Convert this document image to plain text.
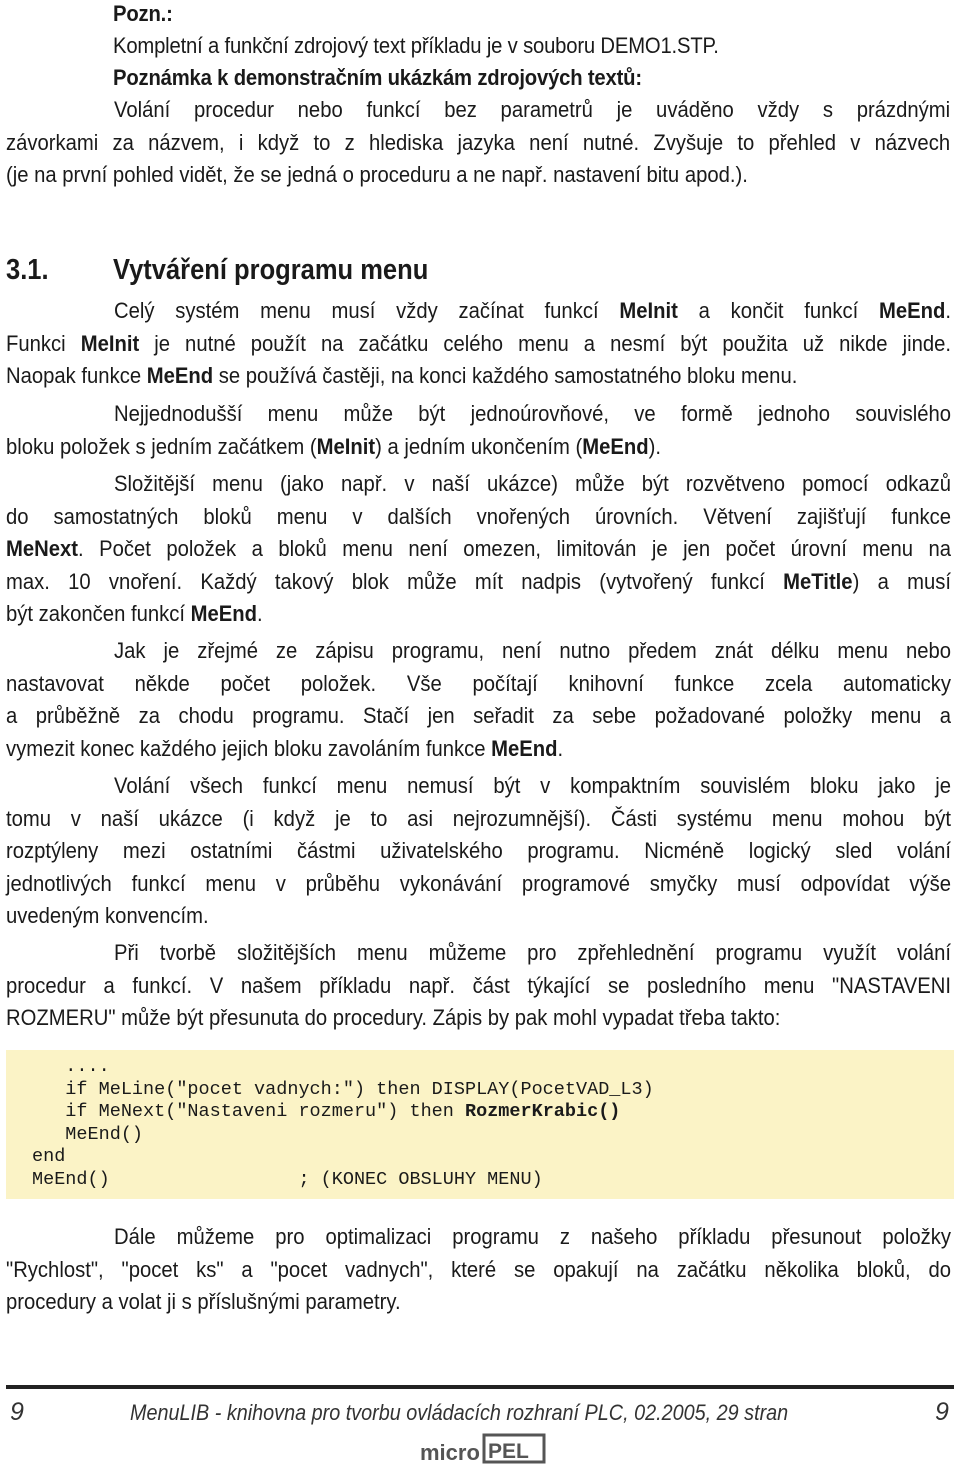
Pozn.:
Kompletní a funkční zdrojový text příkladu je v souboru DEMO1.STP.
Poznámka k demonstračním ukázkám zdrojových textů:
Volání procedur nebo funkcí bez parametrů je uváděno vždy s prázdnými
závorkami za názvem, i když to z hlediska jazyka není nutné. Zvyšuje to přehled v názvech
(je na první pohled vidět, že se jedná o proceduru a ne např. nastavení bitu apod.).
3.1. Vytváření programu menu
Celý systém menu musí vždy začínat funkcí MeInit a končit funkcí MeEnd.
Funkci MeInit je nutné použít na začátku celého menu a nesmí být použita už nikde jinde.
Naopak funkce MeEnd se používá častěji, na konci každého samostatného bloku menu.
Nejjednodušší menu může být jednoúrovňové, ve formě jednoho souvislého
bloku položek s jedním začátkem (MeInit) a jedním ukončením (MeEnd).
Složitější menu (jako např. v naší ukázce) může být rozvětveno pomocí odkazů
do samostatných bloků menu v dalších vnořených úrovních. Větvení zajišťují funkce
MeNext. Počet položek a bloků menu není omezen, limitován je jen počet úrovní menu na
max. 10 vnoření. Každý takový blok může mít nadpis (vytvořený funkcí MeTitle) a musí
být zakončen funkcí MeEnd.
Jak je zřejmé ze zápisu programu, není nutno předem znát délku menu nebo
nastavovat někde počet položek. Vše počítají knihovní funkce zcela automaticky
a průběžně za chodu programu. Stačí jen seřadit za sebe požadované položky menu a
vymezit konec každého jejich bloku zavoláním funkce MeEnd.
Volání všech funkcí menu nemusí být v kompaktním souvislém bloku jako je
tomu v naší ukázce (i když je to asi nejrozumnější). Části systému menu mohou být
rozptýleny mezi ostatními částmi uživatelského programu. Nicméně logický sled volání
jednotlivých funkcí menu v průběhu vykonávání programové smyčky musí odpovídat výše
uvedeným konvencím.
Při tvorbě složitějších menu můžeme pro zpřehlednění programu využít volání
procedur a funkcí. V našem příkladu např. část týkající se posledního menu "NASTAVENI
ROZMERU" může být přesunuta do procedury. Zápis by pak mohl vypadat třeba takto:
....
if MeLine("pocet vadnych:") then DISPLAY(PocetVAD_L3)
if MeNext("Nastaveni rozmeru") then RozmerKrabic()
MeEnd()
end
MeEnd()                 ; (KONEC OBSLUHY MENU)
Dále můžeme pro optimalizaci programu z našeho příkladu přesunout položky
"Rychlost", "pocet ks" a "pocet vadnych", které se opakují na začátku několika bloků, do
procedury a volat ji s příslušnými parametry.
9	MenuLIB - knihovna pro tvorbu ovládacích rozhraní PLC, 02.2005, 29 stran	9
micro PEL
